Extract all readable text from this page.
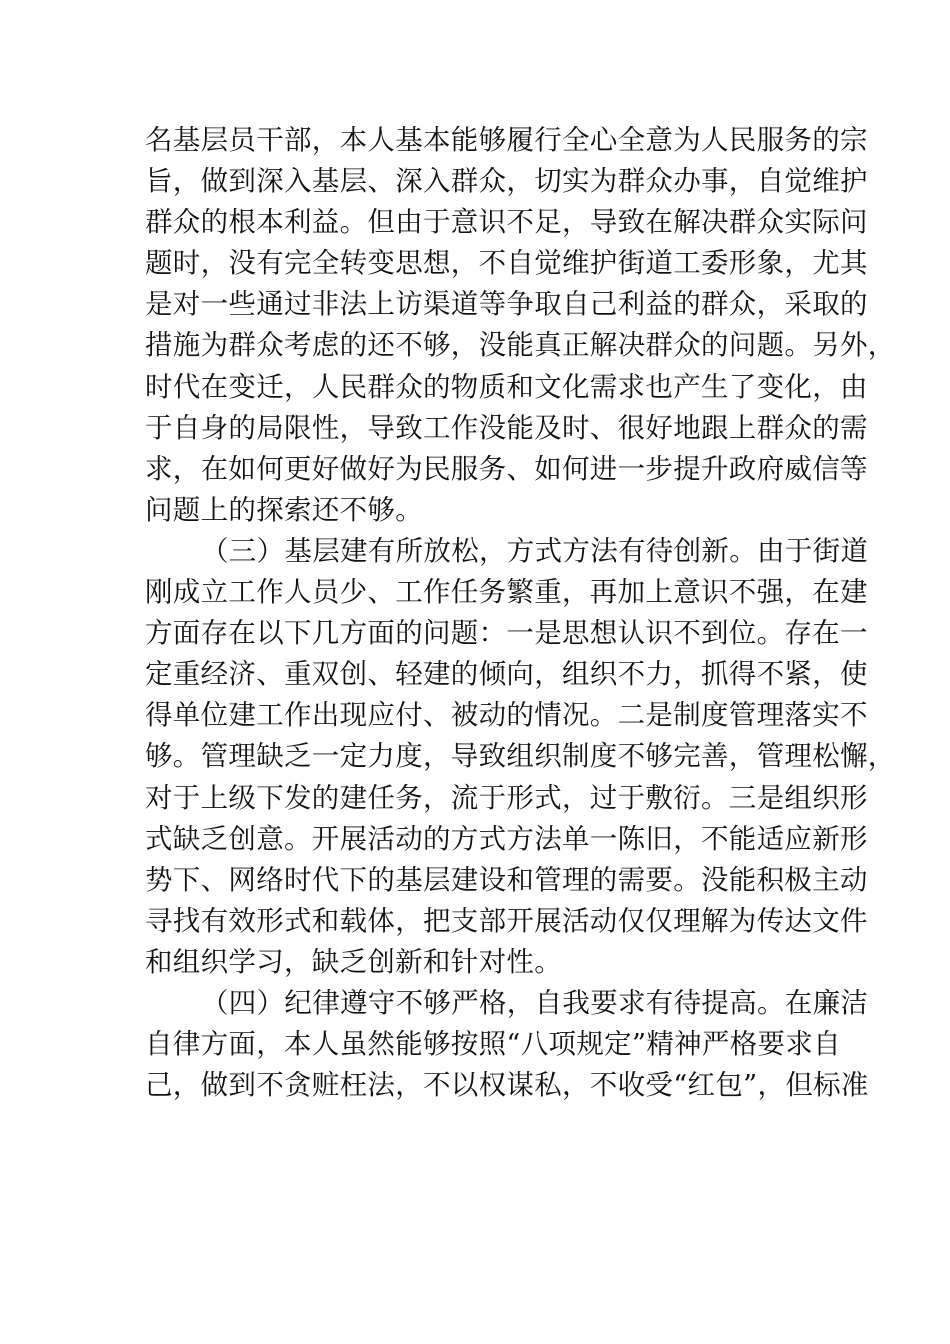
名基层员干部，本人基本能够履行全心全意为人民服务的宗
旨，做到深入基层、深入群众，切实为群众办事，自觉维护
群众的根本利益。但由于意识不足，导致在解决群众实际问
题时，没有完全转变思想，不自觉维护街道工委形象，尤其
是对一些通过非法上访渠道等争取自己利益的群众，采取的
措施为群众考虑的还不够，没能真正解决群众的问题。另外，
时代在变迁，人民群众的物质和文化需求也产生了变化，由
于自身的局限性，导致工作没能及时、很好地跟上群众的需
求，在如何更好做好为民服务、如何进一步提升政府威信等
问题上的探索还不够。
（三）基层建有所放松，方式方法有待创新。由于街道
刚成立工作人员少、工作任务繁重，再加上意识不强，在建
方面存在以下几方面的问题：一是思想认识不到位。存在一
定重经济、重双创、轻建的倾向，组织不力，抓得不紧，使
得单位建工作出现应付、被动的情况。二是制度管理落实不
够。管理缺乏一定力度，导致组织制度不够完善，管理松懈，
对于上级下发的建任务，流于形式，过于敷衍。三是组织形
式缺乏创意。开展活动的方式方法单一陈旧，不能适应新形
势下、网络时代下的基层建设和管理的需要。没能积极主动
寻找有效形式和载体，把支部开展活动仅仅理解为传达文件
和组织学习，缺乏创新和针对性。
（四）纪律遵守不够严格，自我要求有待提高。在廉洁
自律方面，本人虽然能够按照“八项规定”精神严格要求自
己，做到不贪赃枉法，不以权谋私，不收受“红包”，但标准
